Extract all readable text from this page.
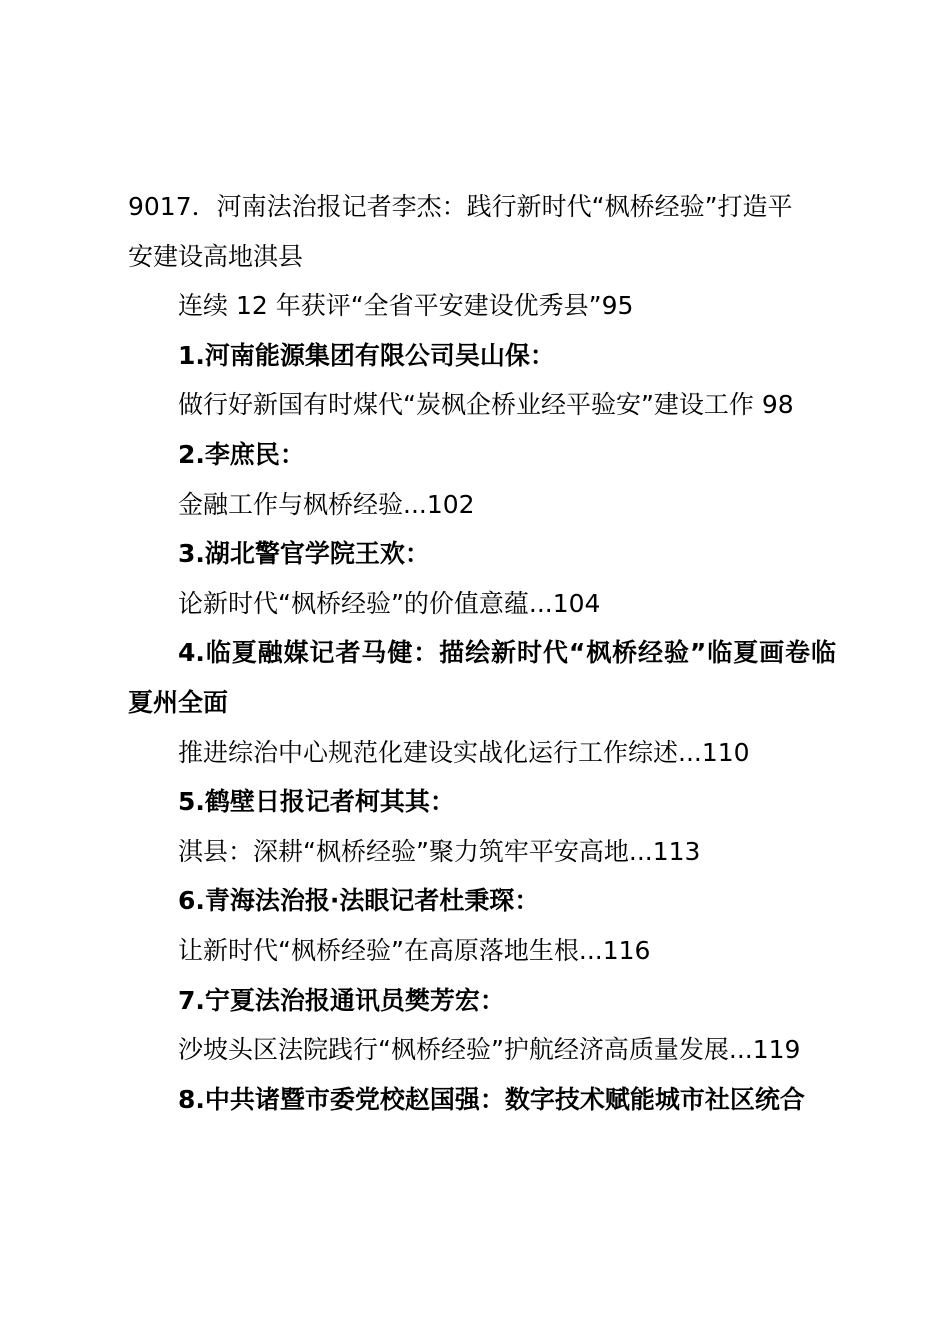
9017．河南法治报记者李杰：践行新时代“枫桥经验”打造平
安建设高地淇县
连续 12 年获评“全省平安建设优秀县”95
1.河南能源集团有限公司吴山保：
做行好新国有时煤代“炭枫企桥业经平验安”建设工作 98
2.李庶民：
金融工作与枫桥经验...102
3.湖北警官学院王欢：
论新时代“枫桥经验”的价值意蕴...104
4.临夏融媒记者马健：描绘新时代“枫桥经验”临夏画卷临夏州全面
推进综治中心规范化建设实战化运行工作综述...110
5.鹤壁日报记者柯其其：
淇县：深耕“枫桥经验”聚力筑牢平安高地...113
6.青海法治报·法眼记者杜秉琛：
让新时代“枫桥经验”在高原落地生根...116
7.宁夏法治报通讯员樊芳宏：
沙坡头区法院践行“枫桥经验”护航经济高质量发展...119
8.中共诸暨市委党校赵国强：数字技术赋能城市社区统合
